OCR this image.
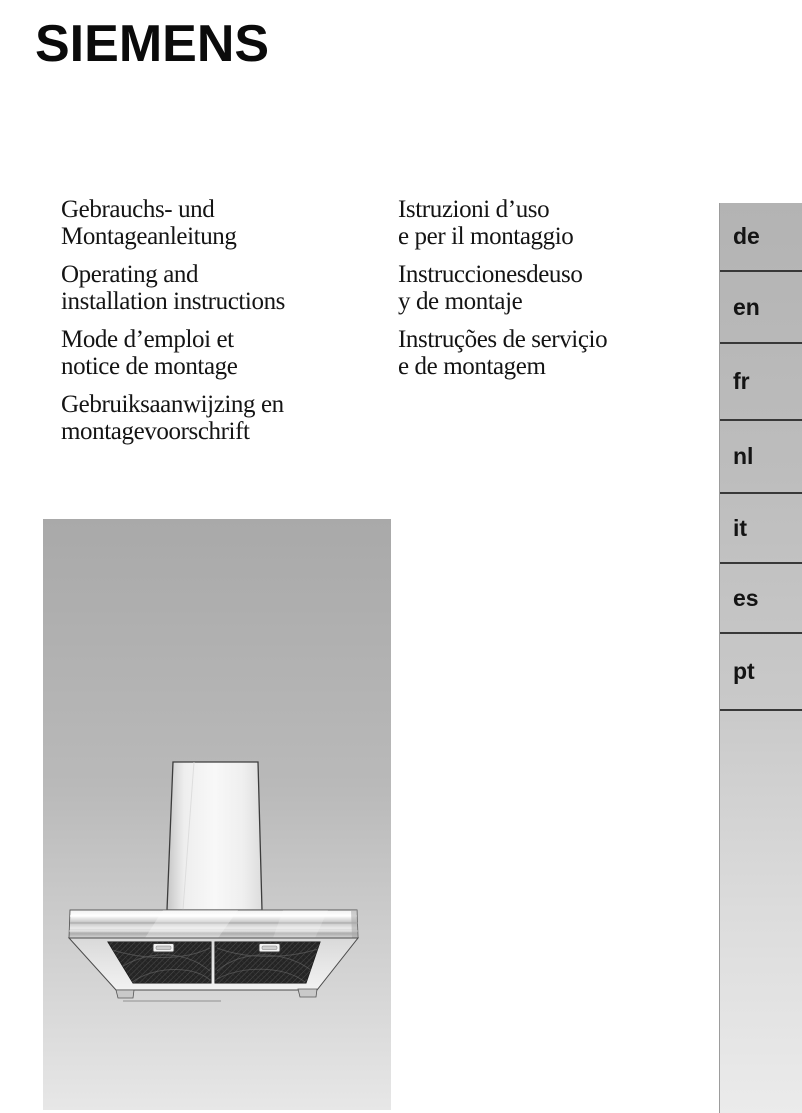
SIEMENS

Gebrauchs- und
Montageanleitung

Operating and
installation instructions

Mode d’emploi et
notice de montage

Gebruiksaanwijzing en
montagevoorschrift

Istruzioni d’uso
e per il montaggio

Instruccionesdeuso
y de montaje

Instruções de serviçio
e de montagem

de
en
fr
nl
it
es
pt
